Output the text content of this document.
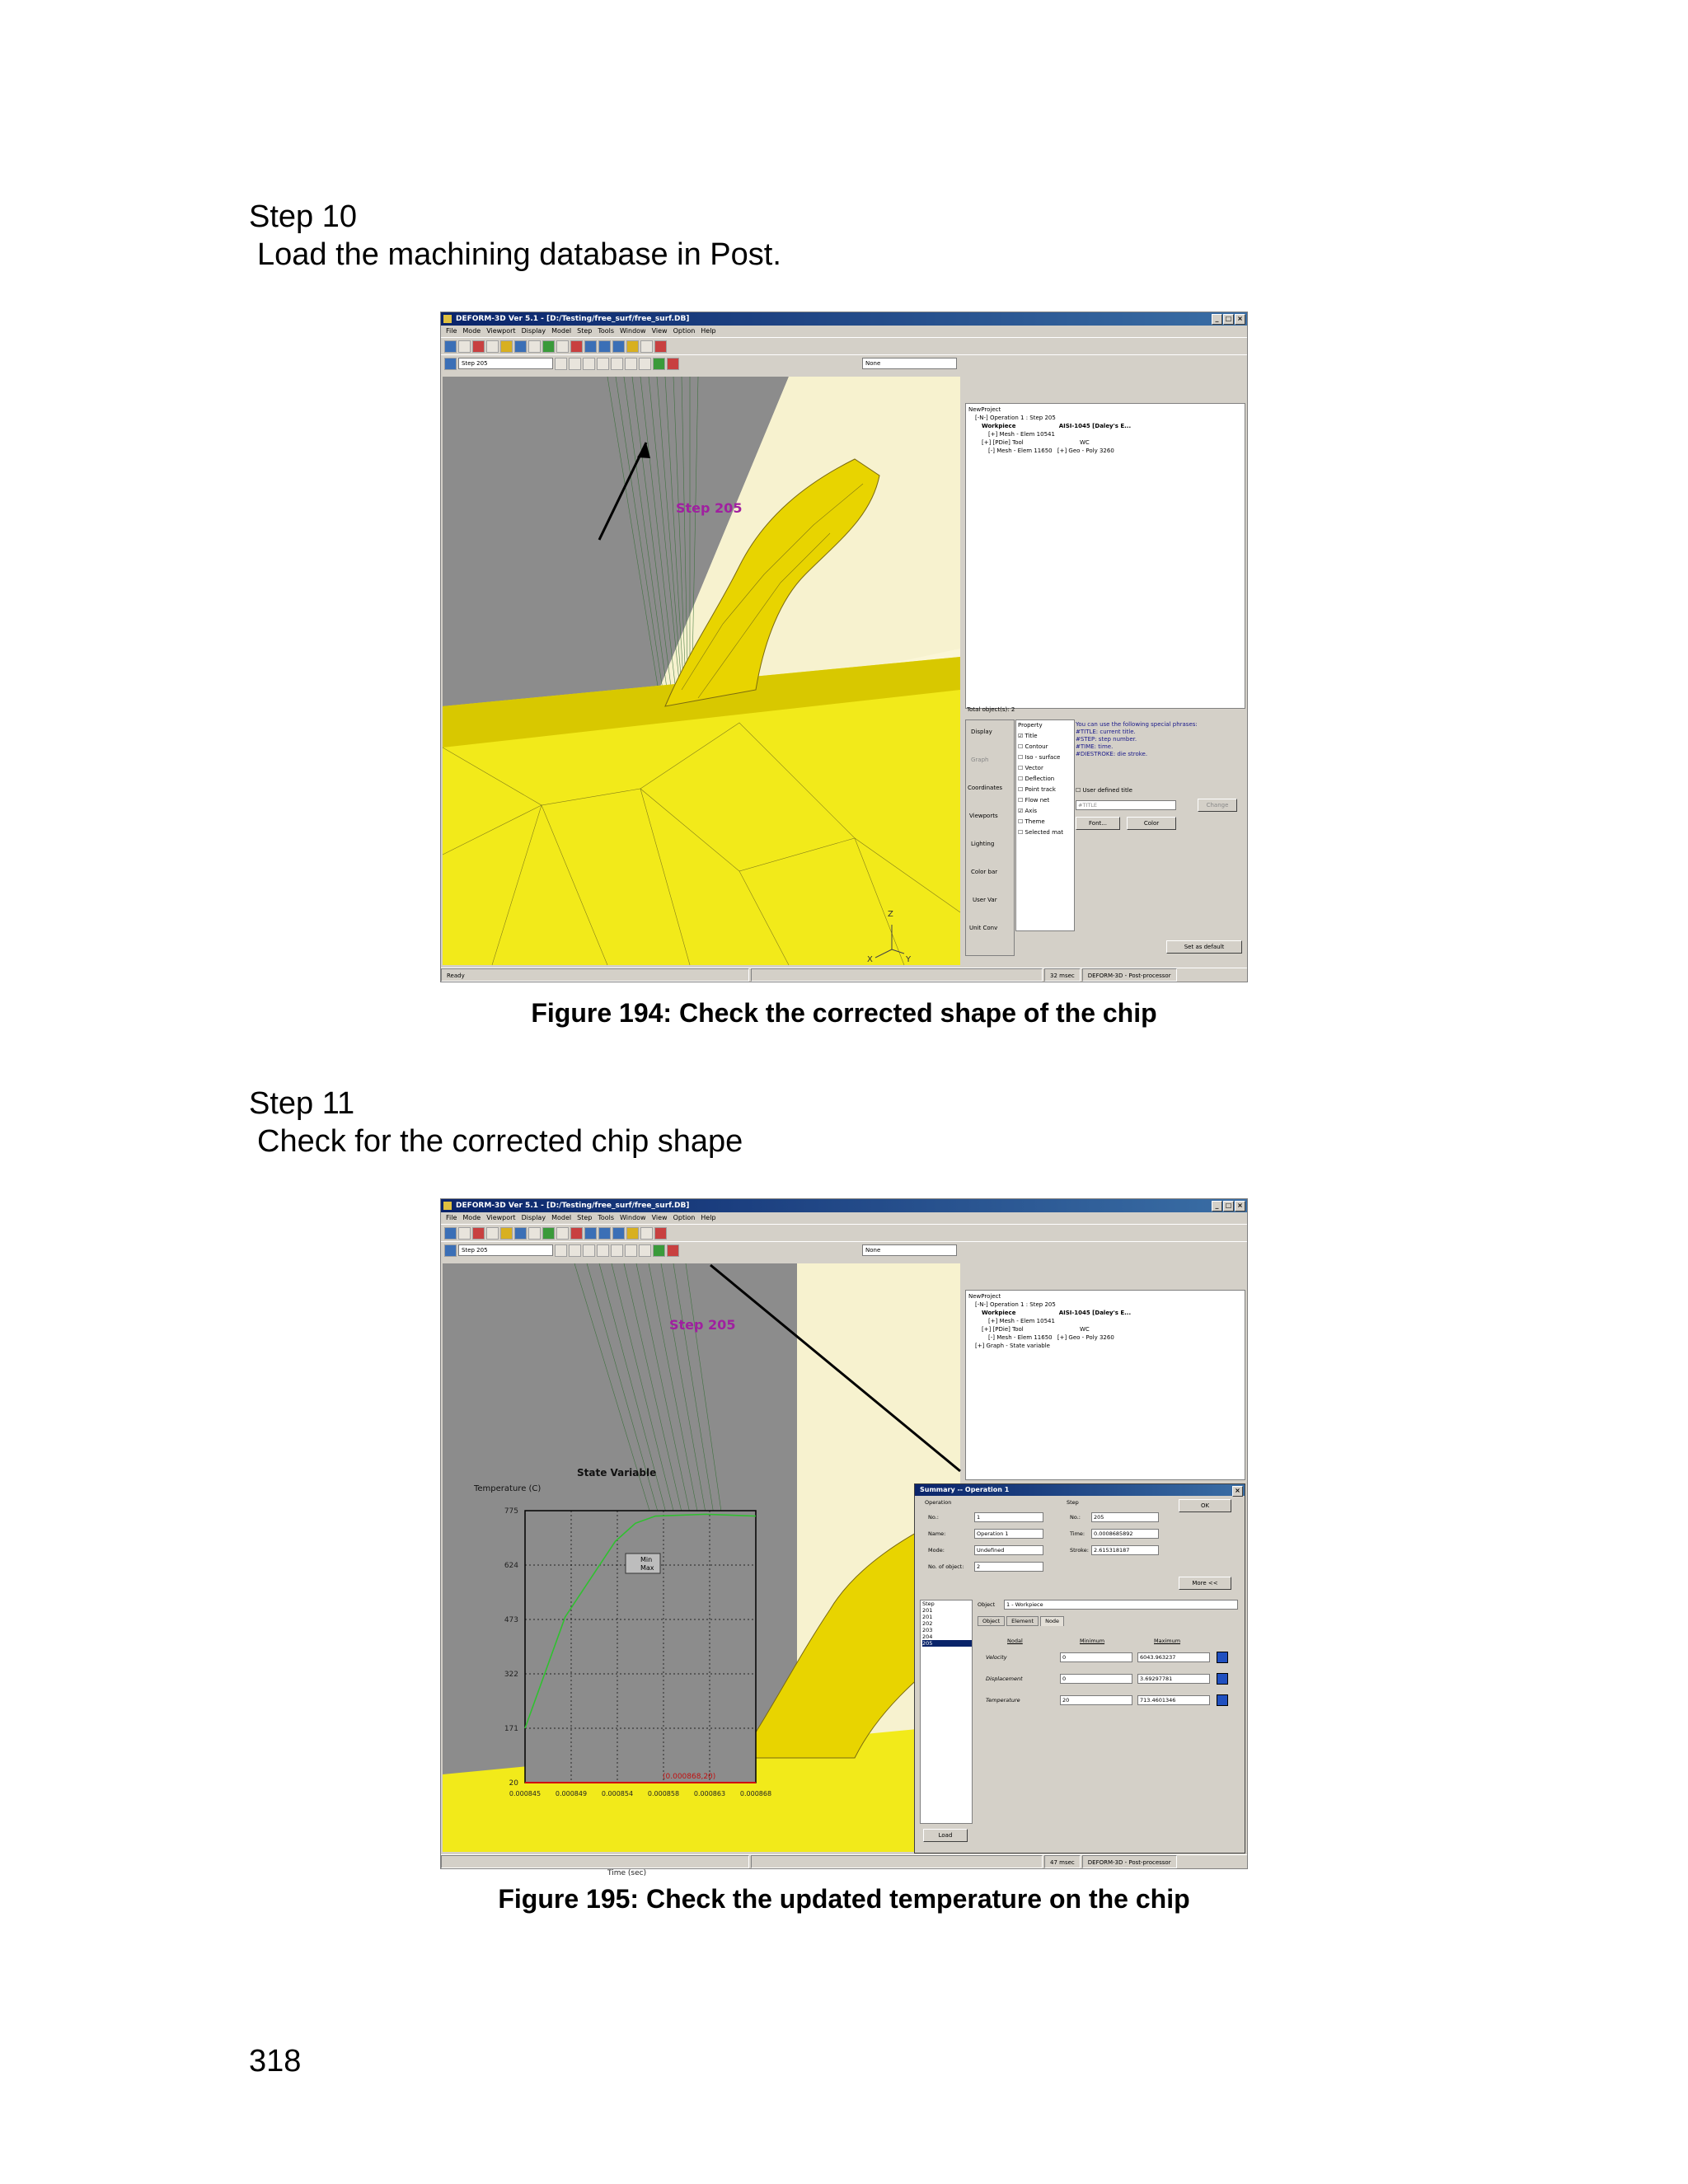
Step 10
Load the machining database in Post.
DEFORM-3D Ver 5.1 - [D:/Testing/free_surf/free_surf.DB]	_	□ ×
File Mode Viewport Display Model Step Tools Window View Option Help
Step 205	None
Step 205
Z
X	Y
NewProject
[-N-] Operation 1 : Step 205
Workpiece	AISI-1045 [Daley's E...
[+] Mesh - Elem 10541
[+] [PDie] Tool	WC
[-] Mesh - Elem 11650 [+] Geo - Poly 3260
Total object(s): 2
Display
Graph
Coordinates
Viewports
Lighting
Color bar
User Var
Unit Conv
Property
☑ Title
☐ Contour
☐ Iso - surface
☐ Vector
☐ Deflection
☐ Point track
☐ Flow net
☑ Axis
☐ Theme
☐ Selected mat
You can use the following special phrases:
#TITLE: current title.
#STEP: step number.
#TIME: time.
#DIESTROKE: die stroke.
☐ User defined title
#TITLE	Change
Font...	Color
Set as default
Ready	32 msec	DEFORM-3D - Post-processor
Figure 194: Check the corrected shape of the chip
Step 11
Check for the corrected chip shape
DEFORM-3D Ver 5.1 - [D:/Testing/free_surf/free_surf.DB]	_	□ ×
File Mode Viewport Display Model Step Tools Window View Option Help
Step 205	None
Step 205
State Variable
Temperature (C)
775
624
473
322
171
20
0.000845 0.000849 0.000854 0.000858 0.000863 0.000868
Time (sec)
(0.000868,20)
Min
Max
NewProject
[-N-] Operation 1 : Step 205
Workpiece	AISI-1045 [Daley's E...
[+] Mesh - Elem 10541
[+] [PDie] Tool	WC
[-] Mesh - Elem 11650 [+] Geo - Poly 3260
[+] Graph - State variable
Summary -- Operation 1	×
Operation
No.:	1
Name:	Operation 1
Mode:	Undefined
No. of object:	2
Step
No.:	205
Time:	0.0008685892
Stroke: 2.615318187
OK
More <<
Step
201
201
202
203
204
205
Load
Object	1 - Workpiece
Object	Element	Node
Nodal	Minimum	Maximum
Velocity	0	6043.963237
Displacement	0	3.69297781
Temperature	20	713.4601346
47 msec	DEFORM-3D - Post-processor
Figure 195: Check the updated temperature on the chip
318
